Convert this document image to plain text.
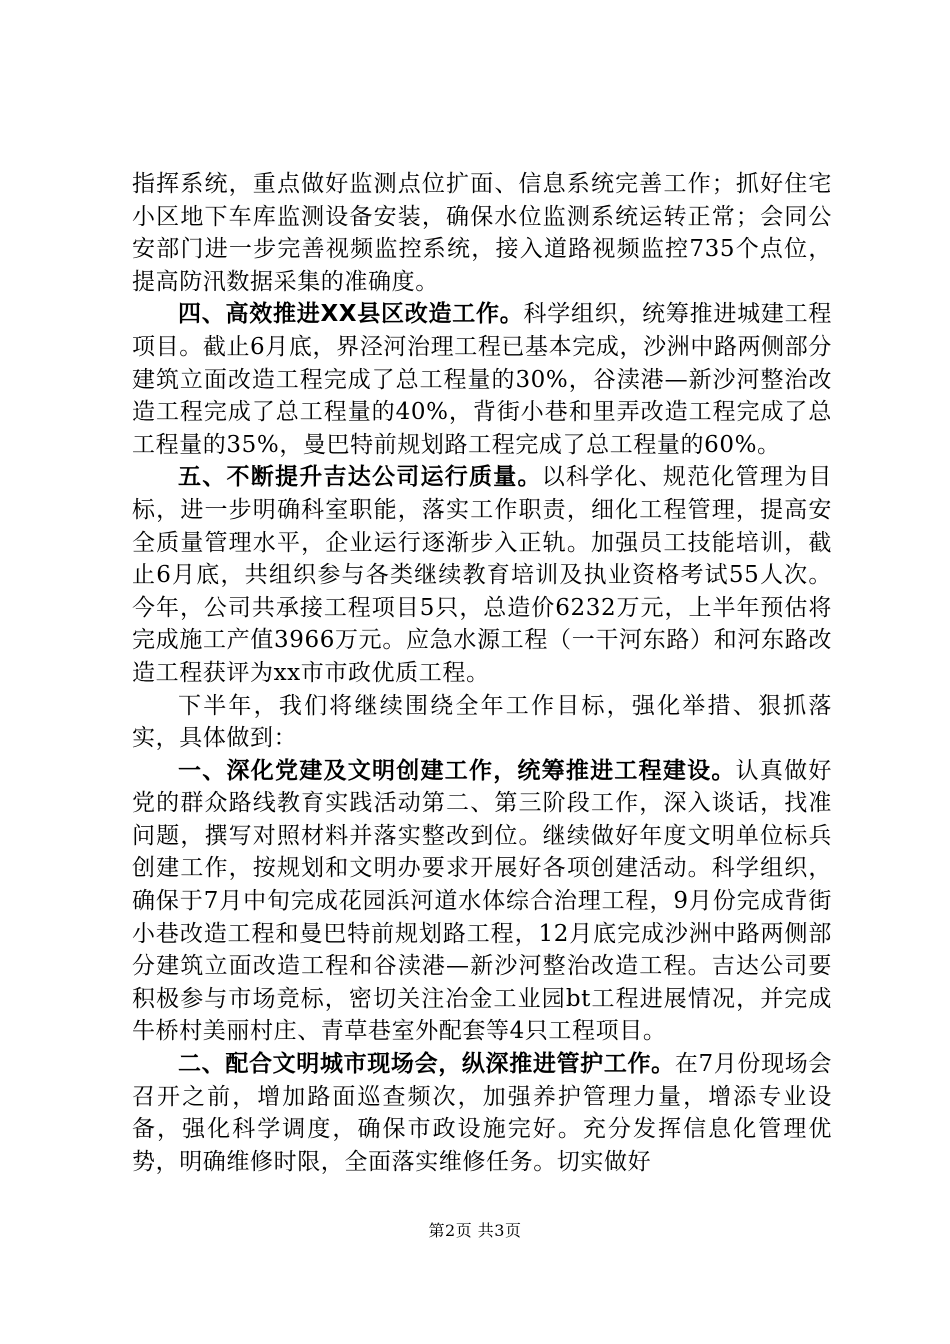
指挥系统，重点做好监测点位扩面、信息系统完善工作；抓好住宅小区地下车库监测设备安装，确保水位监测系统运转正常；会同公安部门进一步完善视频监控系统，接入道路视频监控735个点位，提高防汛数据采集的准确度。

四、高效推进XX县区改造工作。科学组织，统筹推进城建工程项目。截止6月底，界泾河治理工程已基本完成，沙洲中路两侧部分建筑立面改造工程完成了总工程量的30%，谷渎港—新沙河整治改造工程完成了总工程量的40%，背街小巷和里弄改造工程完成了总工程量的35%，曼巴特前规划路工程完成了总工程量的60%。

五、不断提升吉达公司运行质量。以科学化、规范化管理为目标，进一步明确科室职能，落实工作职责，细化工程管理，提高安全质量管理水平，企业运行逐渐步入正轨。加强员工技能培训，截止6月底，共组织参与各类继续教育培训及执业资格考试55人次。今年，公司共承接工程项目5只，总造价6232万元，上半年预估将完成施工产值3966万元。应急水源工程（一干河东路）和河东路改造工程获评为xx市市政优质工程。

下半年，我们将继续围绕全年工作目标，强化举措、狠抓落实，具体做到：

一、深化党建及文明创建工作，统筹推进工程建设。认真做好党的群众路线教育实践活动第二、第三阶段工作，深入谈话，找准问题，撰写对照材料并落实整改到位。继续做好年度文明单位标兵创建工作，按规划和文明办要求开展好各项创建活动。科学组织，确保于7月中旬完成花园浜河道水体综合治理工程，9月份完成背街小巷改造工程和曼巴特前规划路工程，12月底完成沙洲中路两侧部分建筑立面改造工程和谷渎港—新沙河整治改造工程。吉达公司要积极参与市场竞标，密切关注冶金工业园bt工程进展情况，并完成牛桥村美丽村庄、青草巷室外配套等4只工程项目。

二、配合文明城市现场会，纵深推进管护工作。在7月份现场会召开之前，增加路面巡查频次，加强养护管理力量，增添专业设备，强化科学调度，确保市政设施完好。充分发挥信息化管理优势，明确维修时限，全面落实维修任务。切实做好

第2页 共3页
